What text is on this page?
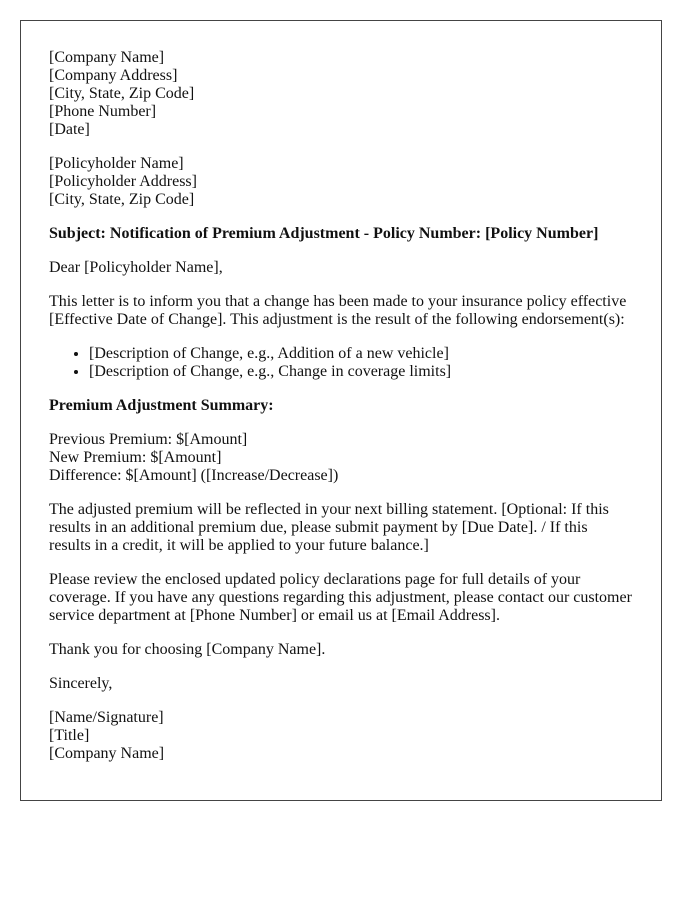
[Company Name]
[Company Address]
[City, State, Zip Code]
[Phone Number]
[Date]

[Policyholder Name]
[Policyholder Address]
[City, State, Zip Code]

Subject: Notification of Premium Adjustment - Policy Number: [Policy Number]

Dear [Policyholder Name],

This letter is to inform you that a change has been made to your insurance policy effective [Effective Date of Change]. This adjustment is the result of the following endorsement(s):

• [Description of Change, e.g., Addition of a new vehicle]
• [Description of Change, e.g., Change in coverage limits]

Premium Adjustment Summary:

Previous Premium: $[Amount]
New Premium: $[Amount]
Difference: $[Amount] ([Increase/Decrease])

The adjusted premium will be reflected in your next billing statement. [Optional: If this results in an additional premium due, please submit payment by [Due Date]. / If this results in a credit, it will be applied to your future balance.]

Please review the enclosed updated policy declarations page for full details of your coverage. If you have any questions regarding this adjustment, please contact our customer service department at [Phone Number] or email us at [Email Address].

Thank you for choosing [Company Name].

Sincerely,

[Name/Signature]
[Title]
[Company Name]
